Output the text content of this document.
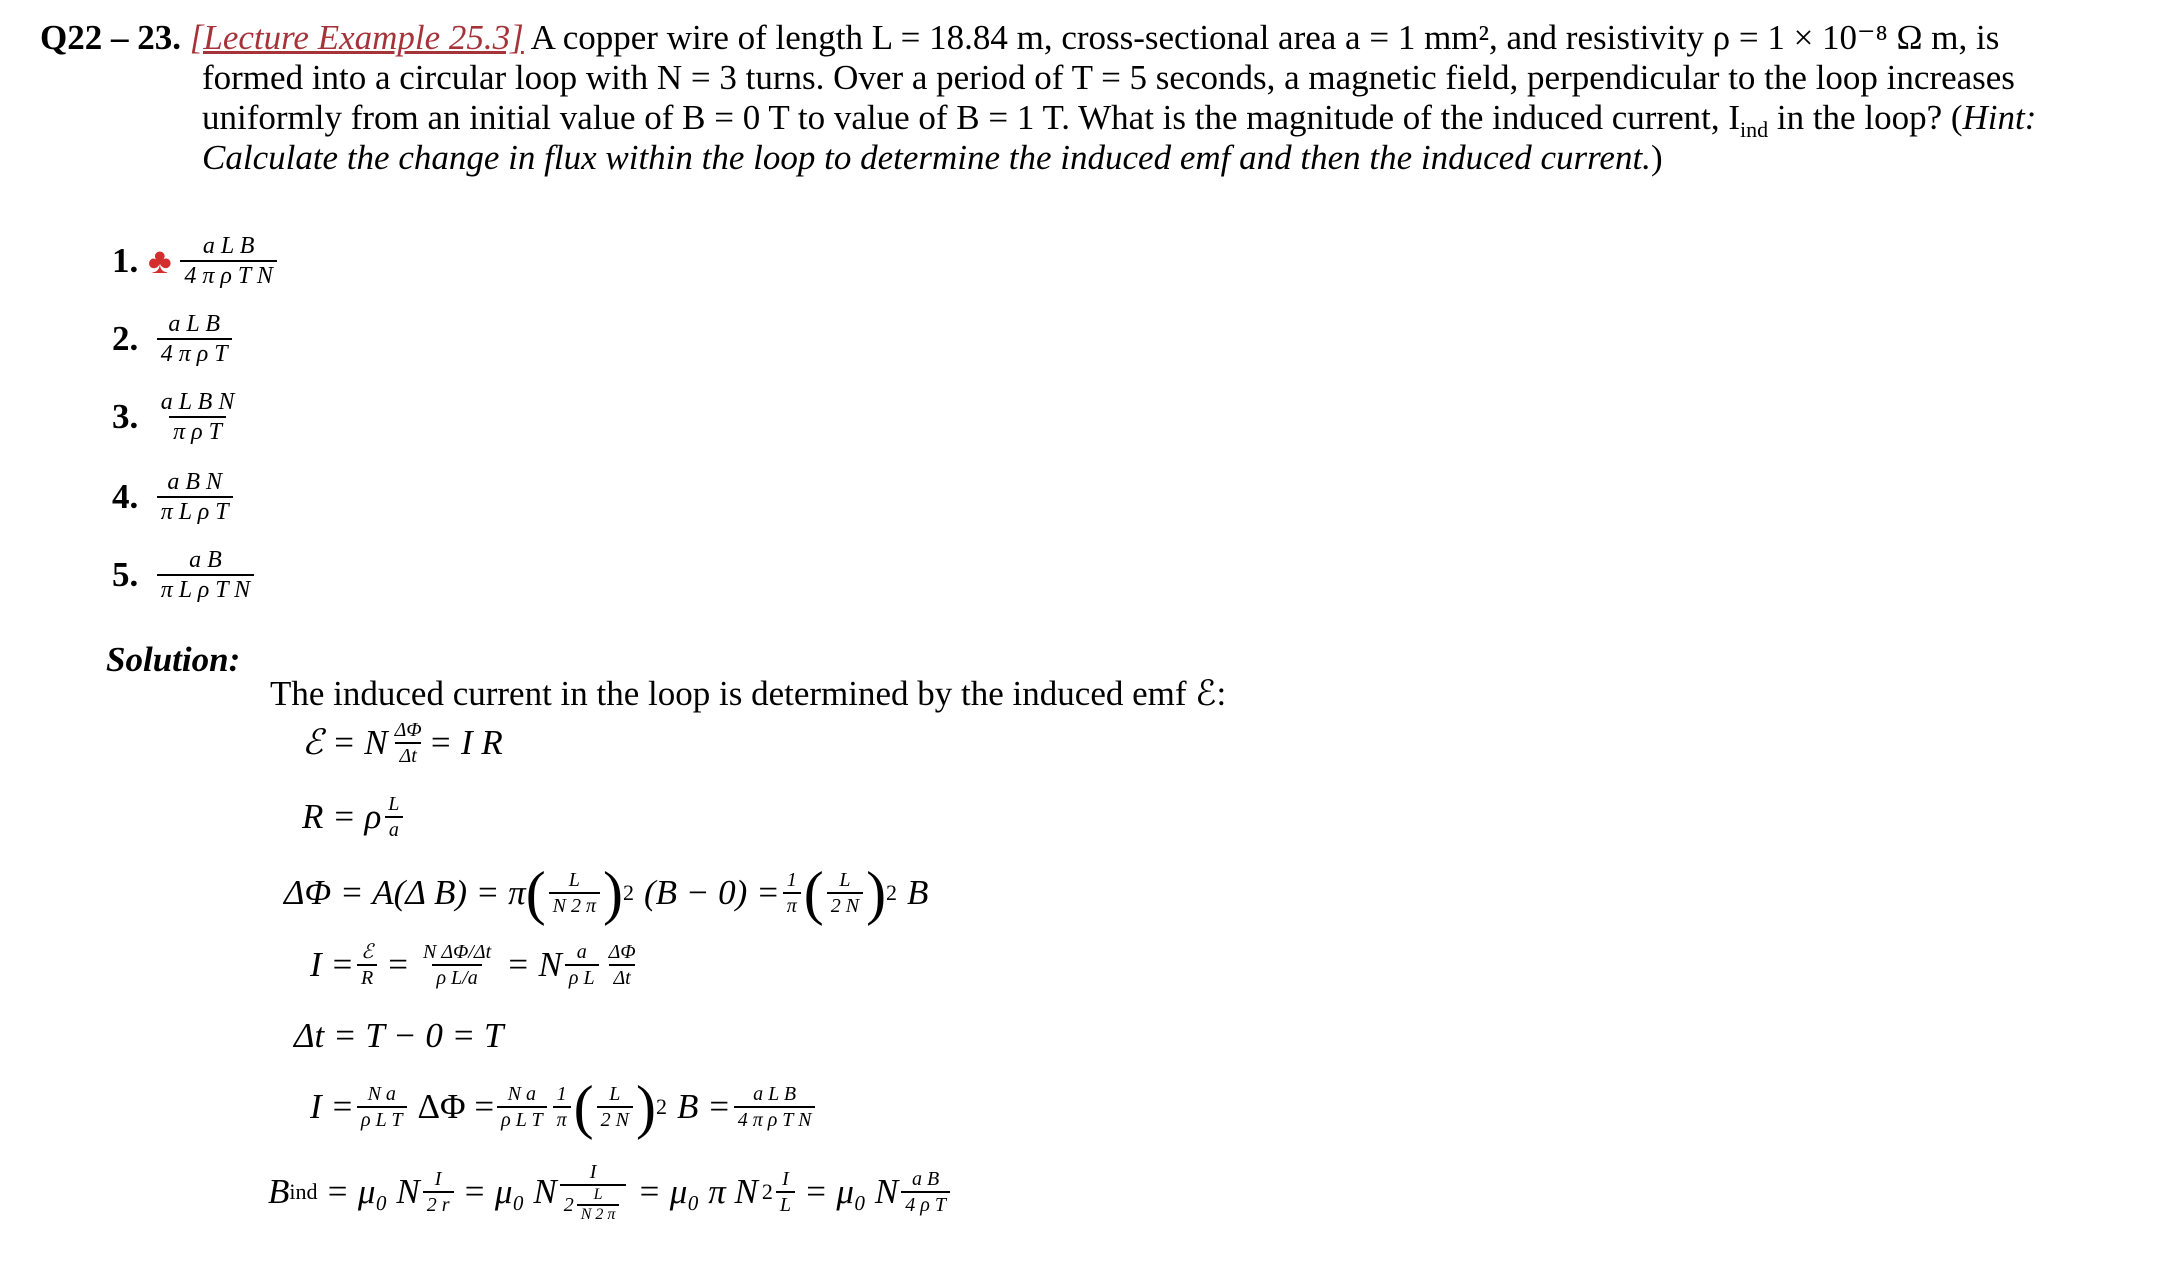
Q22 – 23. [Lecture Example 25.3] A copper wire of length L = 18.84 m, cross-sectional area a = 1 mm², and resistivity ρ = 1 × 10⁻⁸ Ω m, is
formed into a circular loop with N = 3 turns. Over a period of T = 5 seconds, a magnetic field, perpendicular to the loop increases
uniformly from an initial value of B = 0 T to value of B = 1 T. What is the magnitude of the induced current, $I_{ind}$ in the loop? (Hint:
Calculate the change in flux within the loop to determine the induced emf and then the induced current.)
1. ♣ $\frac{\text{a L B}}{\text{4 π ρ T N}}$
2. $\frac{\text{a L B}}{\text{4 π ρ T}}$
3. $\frac{\text{a L B N}}{\text{π ρ T}}$
4. $\frac{\text{a B N}}{\text{π L ρ T}}$
5. $\frac{\text{a B}}{\text{π L ρ T N}}$
Solution:
The induced current in the loop is determined by the induced emf ℰ:
ℰ = N $\frac{\Delta\Phi}{\Delta t} = I$ R
R = ρ $\frac{L}{a}$
ΔΦ = A(Δ B) = π ( $\frac{L}{N 2 \pi}$ ) 2 $(B - 0) = \frac{1}{\pi}$ ( $\frac{L}{2 N}$ ) 2 B
$I = \frac{\text{ℰ}}{R} = \frac{\text{N ΔΦ/Δt}}{\text{ρ L/a}} = N \frac{a}{\text{ρ L}} \frac{\Delta\Phi}{\Delta t}$
Δt = T − 0 = T
$I = \frac{\text{N a}}{\text{ρ L T}}$ $\Delta\Phi = \frac{\text{N a}}{\text{ρ L T}} \frac{1}{\pi}$ ( $\frac{L}{2 N}$ ) 2 $B = \frac{\text{a L B}}{\text{4 π ρ T N}}$
B ind = μ₀ N $\frac{I}{2 r} = \mu_0$ N $\frac{I}{2 \frac{L}{N 2 \pi}} = \mu_0$ π N $2 \frac{I}{L} = \mu_0$ N $\frac{\text{a B}}{\text{4 ρ T}}$
